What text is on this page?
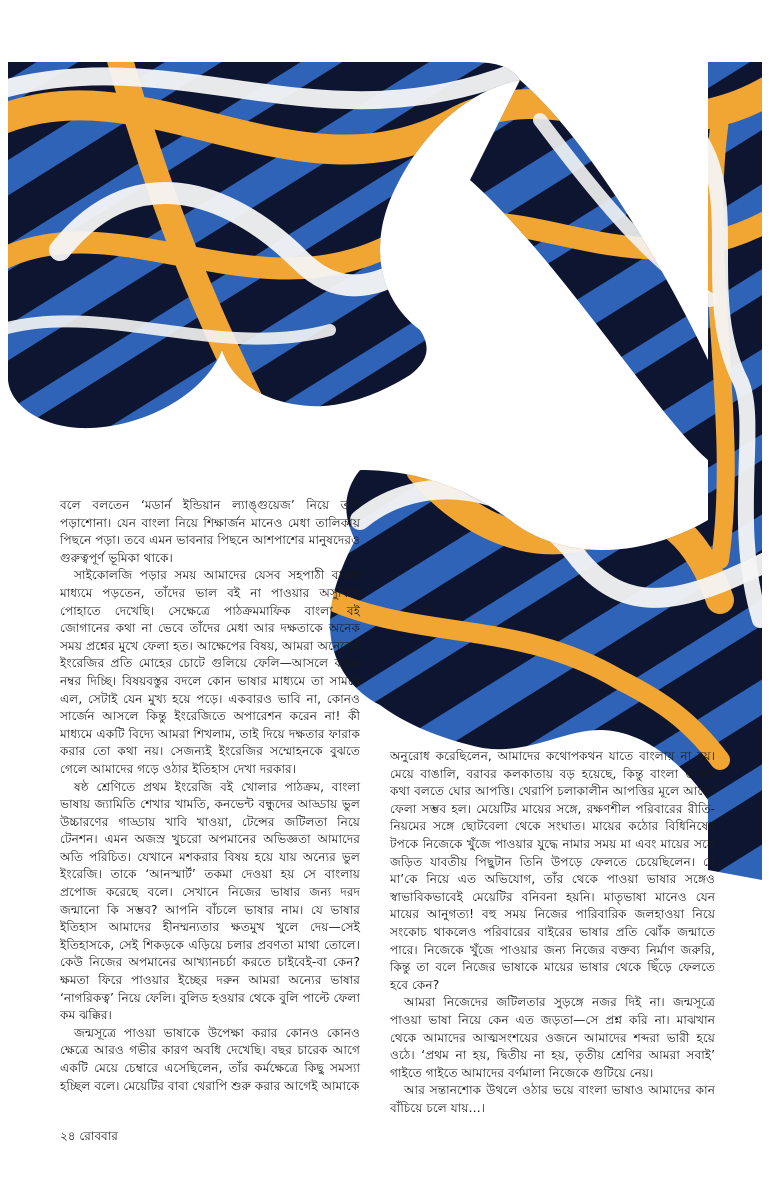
বলে বলতেন ‘মডার্ন ইন্ডিয়ান ল্যাঙ্গুয়েজ’ নিয়ে তাঁর পড়াশোনা। যেন বাংলা নিয়ে শিক্ষার্জন মানেও মেধা তালিকায় পিছনে পড়া। তবে এমন ভাবনার পিছনে আশপাশের মানুষদেরও গুরুত্বপূর্ণ ভূমিকা থাকে।

সাইকোলজি পড়ার সময় আমাদের যেসব সহপাঠী বাংলা মাধ্যমে পড়তেন, তাঁদের ভাল বই না পাওয়ার অসুবিধে পোহাতে দেখেছি। সেক্ষেত্রে পাঠক্রমমাফিক বাংলা বই জোগানের কথা না ভেবে তাঁদের মেধা আর দক্ষতাকে অনেক সময় প্রশ্নের মুখে ফেলা হত। আক্ষেপের বিষয়, আমরা অনেকেই ইংরেজির প্রতি মোহের চোটে গুলিয়ে ফেলি—আসলে কাকে নম্বর দিচ্ছি। বিষয়বস্তুর বদলে কোন ভাষার মাধ্যমে তা সামনে এল, সেটাই যেন মুখ্য হয়ে পড়ে। একবারও ভাবি না, কোনও সার্জেন আসলে কিন্তু ইংরেজিতে অপারেশন করেন না! কী মাধ্যমে একটি বিদ্যে আমরা শিখলাম, তাই দিয়ে দক্ষতার ফারাক করার তো কথা নয়। সেজন্যই ইংরেজির সম্মোহনকে বুঝতে গেলে আমাদের গড়ে ওঠার ইতিহাস দেখা দরকার।

ষষ্ঠ শ্রেণিতে প্রথম ইংরেজি বই খোলার পাঠক্রম, বাংলা ভাষায় জ্যামিতি শেখার খামতি, কনভেন্ট বন্ধুদের আড্ডায় ভুল উচ্চারণের গাড্ডায় খাবি খাওয়া, টেন্সের জটিলতা নিয়ে টেনশন। এমন অজস্র খুচরো অপমানের অভিজ্ঞতা আমাদের অতি পরিচিত। যেখানে মশকরার বিষয় হয়ে যায় অন্যের ভুল ইংরেজি। তাকে ‘আনস্মার্ট’ তকমা দেওয়া হয় সে বাংলায় প্রপোজ করেছে বলে। সেখানে নিজের ভাষার জন্য দরদ জন্মানো কি সম্ভব? আপনি বাঁচলে ভাষার নাম। যে ভাষার ইতিহাস আমাদের হীনম্মন্যতার ক্ষতমুখ খুলে দেয়—সেই ইতিহাসকে, সেই শিকড়কে এড়িয়ে চলার প্রবণতা মাথা তোলে। কেউ নিজের অপমানের আখ্যানচর্চা করতে চাইবেই-বা কেন? ক্ষমতা ফিরে পাওয়ার ইচ্ছের দরুন আমরা অন্যের ভাষার ‘নাগরিকত্ব’ নিয়ে ফেলি। বুলিড হওয়ার থেকে বুলি পাল্টে ফেলা কম ঝক্কির।

জন্মসূত্রে পাওয়া ভাষাকে উপেক্ষা করার কোনও কোনও ক্ষেত্রে আরও গভীর কারণ অবধি দেখেছি। বছর চারেক আগে একটি মেয়ে চেম্বারে এসেছিলেন, তাঁর কর্মক্ষেত্রে কিছু সমস্যা হচ্ছিল বলে। মেয়েটির বাবা থেরাপি শুরু করার আগেই আমাকে

অনুরোধ করেছিলেন, আমাদের কথোপকথন যাতে বাংলায় না হয়। মেয়ে বাঙালি, বরাবর কলকাতায় বড় হয়েছে, কিন্তু বাংলা ভাষায় কথা বলতে ঘোর আপত্তি। থেরাপি চলাকালীন আপত্তির মূলে আলো ফেলা সম্ভব হল। মেয়েটির মায়ের সঙ্গে, রক্ষণশীল পরিবারের রীতি-নিয়মের সঙ্গে ছোটবেলা থেকে সংঘাত। মায়ের কঠোর বিধিনিষেধ টপকে নিজেকে খুঁজে পাওয়ার যুদ্ধে নামার সময় মা এবং মায়ের সঙ্গে জড়িত যাবতীয় পিছুটান তিনি উপড়ে ফেলতে চেয়েছিলেন। যে মা’কে নিয়ে এত অভিযোগ, তাঁর থেকে পাওয়া ভাষার সঙ্গেও স্বাভাবিকভাবেই মেয়েটির বনিবনা হয়নি। মাতৃভাষা মানেও যেন মায়ের আনুগত্য! বহু সময় নিজের পারিবারিক জলহাওয়া নিয়ে সংকোচ থাকলেও পরিবারের বাইরের ভাষার প্রতি ঝোঁক জন্মাতে পারে। নিজেকে খুঁজে পাওয়ার জন্য নিজের বক্তব্য নির্মাণ জরুরি, কিন্তু তা বলে নিজের ভাষাকে মায়ের ভাষার থেকে ছিঁড়ে ফেলতে হবে কেন?

আমরা নিজেদের জটিলতার সুড়ঙ্গে নজর দিই না। জন্মসূত্রে পাওয়া ভাষা নিয়ে কেন এত জড়তা—সে প্রশ্ন করি না। মাঝখান থেকে আমাদের আত্মসংশয়ের ওজনে আমাদের শব্দরা ভারী হয়ে ওঠে। ‘প্রথম না হয়, দ্বিতীয় না হয়, তৃতীয় শ্রেণির আমরা সবাই’ গাইতে গাইতে আমাদের বর্ণমালা নিজেকে গুটিয়ে নেয়।

আর সন্তানশোক উথলে ওঠার ভয়ে বাংলা ভাষাও আমাদের কান বাঁচিয়ে চলে যায়…।

২৪ রোববার
